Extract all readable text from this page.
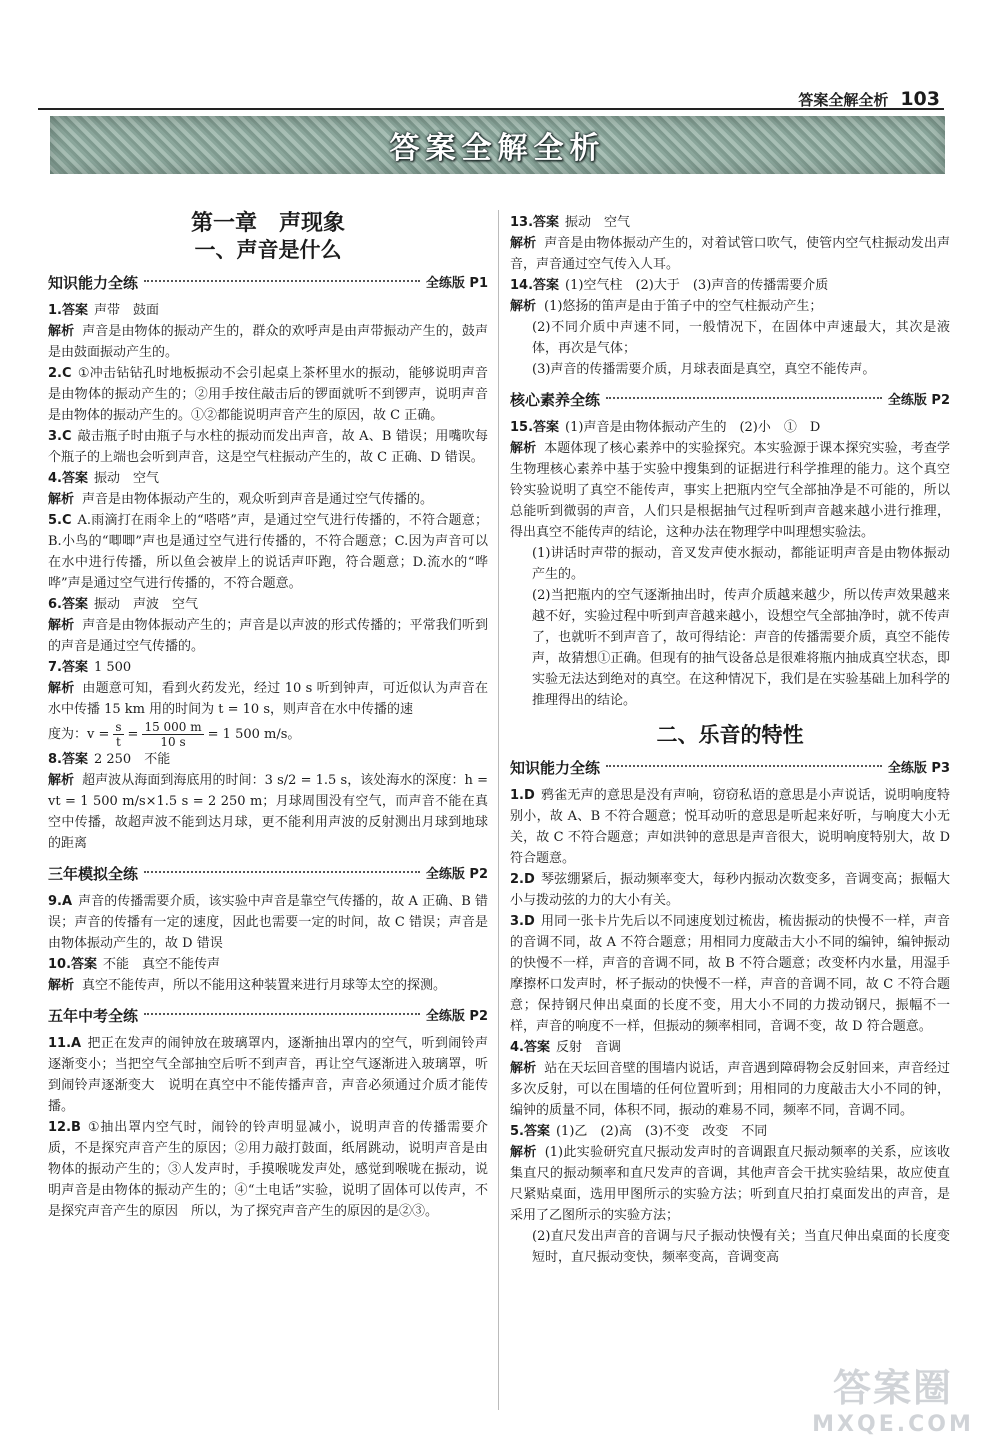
答案全解全析 103
答案全解全析
第一章　声现象
一、声音是什么
知识能力全练	全练版 P1

1.答案 声带　鼓面

解析 声音是由物体的振动产生的，群众的欢呼声是由声带振动产生的，鼓声是由鼓面振动产生的。

2.C ①冲击钻钻孔时地板振动不会引起桌上茶杯里水的振动，能够说明声音是由物体的振动产生的；②用手按住敲击后的锣面就听不到锣声，说明声音是由物体的振动产生的。①②都能说明声音产生的原因，故 C 正确。

3.C 敲击瓶子时由瓶子与水柱的振动而发出声音，故 A、B 错误；用嘴吹每个瓶子的上端也会听到声音，这是空气柱振动产生的，故 C 正确、D 错误。

4.答案 振动　空气

解析 声音是由物体振动产生的，观众听到声音是通过空气传播的。

5.C A.雨滴打在雨伞上的“嗒嗒”声，是通过空气进行传播的，不符合题意；B.小鸟的“唧唧”声也是通过空气进行传播的，不符合题意；C.因为声音可以在水中进行传播，所以鱼会被岸上的说话声吓跑，符合题意；D.流水的“哗哗”声是通过空气进行传播的，不符合题意。

6.答案 振动　声波　空气

解析 声音是由物体振动产生的；声音是以声波的形式传播的；平常我们听到的声音是通过空气传播的。

7.答案 1 500

解析 由题意可知，看到火药发光，经过 10 s 听到钟声，可近似认为声音在水中传播 15 km 用的时间为 t = 10 s，则声音在水中传播的速

度为：$v = \frac{s}{t} = \frac{15 000 m}{10 s} = 1$ 500 m/s。

8.答案 2 250　不能

解析 超声波从海面到海底用的时间：3 s/2 = 1.5 s，该处海水的深度：h = vt = 1 500 m/s×1.5 s = 2 250 m；月球周围没有空气，而声音不能在真空中传播，故超声波不能到达月球，更不能利用声波的反射测出月球到地球的距离

三年模拟全练	全练版 P2

9.A 声音的传播需要介质，该实验中声音是靠空气传播的，故 A 正确、B 错误；声音的传播有一定的速度，因此也需要一定的时间，故 C 错误；声音是由物体振动产生的，故 D 错误

10.答案 不能　真空不能传声

解析 真空不能传声，所以不能用这种装置来进行月球等太空的探测。

五年中考全练	全练版 P2

11.A 把正在发声的闹钟放在玻璃罩内，逐渐抽出罩内的空气，听到闹铃声逐渐变小；当把空气全部抽空后听不到声音，再让空气逐渐进入玻璃罩，听到闹铃声逐渐变大　说明在真空中不能传播声音，声音必须通过介质才能传播。

12.B ①抽出罩内空气时，闹铃的铃声明显减小，说明声音的传播需要介质，不是探究声音产生的原因；②用力敲打鼓面，纸屑跳动，说明声音是由物体的振动产生的；③人发声时，手摸喉咙发声处，感觉到喉咙在振动，说明声音是由物体的振动产生的；④“土电话”实验，说明了固体可以传声，不是探究声音产生的原因　所以，为了探究声音产生的原因的是②③。

13.答案 振动　空气

解析 声音是由物体振动产生的，对着试管口吹气，使管内空气柱振动发出声音，声音通过空气传入人耳。

14.答案 (1)空气柱　(2)大于　(3)声音的传播需要介质

解析 (1)悠扬的笛声是由于笛子中的空气柱振动产生；

(2)不同介质中声速不同，一般情况下，在固体中声速最大，其次是液体，再次是气体；

(3)声音的传播需要介质，月球表面是真空，真空不能传声。

核心素养全练	全练版 P2

15.答案 (1)声音是由物体振动产生的　(2)小　①　D

解析 本题体现了核心素养中的实验探究。本实验源于课本探究实验，考查学生物理核心素养中基于实验中搜集到的证据进行科学推理的能力。这个真空铃实验说明了真空不能传声，事实上把瓶内空气全部抽净是不可能的，所以总能听到微弱的声音，人们只是根据抽气过程听到声音越来越小进行推理，得出真空不能传声的结论，这种办法在物理学中叫理想实验法。

(1)讲话时声带的振动，音叉发声使水振动，都能证明声音是由物体振动产生的。

(2)当把瓶内的空气逐渐抽出时，传声介质越来越少，所以传声效果越来越不好，实验过程中听到声音越来越小，设想空气全部抽净时，就不传声了，也就听不到声音了，故可得结论：声音的传播需要介质，真空不能传声，故猜想①正确。但现有的抽气设备总是很难将瓶内抽成真空状态，即实验无法达到绝对的真空。在这种情况下，我们是在实验基础上加科学的推理得出的结论。

二、乐音的特性
知识能力全练	全练版 P3

1.D 鸦雀无声的意思是没有声响，窃窃私语的意思是小声说话，说明响度特别小，故 A、B 不符合题意；悦耳动听的意思是听起来好听，与响度大小无关，故 C 不符合题意；声如洪钟的意思是声音很大，说明响度特别大，故 D 符合题意。

2.D 琴弦绷紧后，振动频率变大，每秒内振动次数变多，音调变高；振幅大小与拨动弦的力的大小有关。

3.D 用同一张卡片先后以不同速度划过梳齿，梳齿振动的快慢不一样，声音的音调不同，故 A 不符合题意；用相同力度敲击大小不同的编钟，编钟振动的快慢不一样，声音的音调不同，故 B 不符合题意；改变杯内水量，用湿手摩擦杯口发声时，杯子振动的快慢不一样，声音的音调不同，故 C 不符合题意；保持钢尺伸出桌面的长度不变，用大小不同的力拨动钢尺，振幅不一样，声音的响度不一样，但振动的频率相同，音调不变，故 D 符合题意。

4.答案 反射　音调

解析 站在天坛回音壁的围墙内说话，声音遇到障碍物会反射回来，声音经过多次反射，可以在围墙的任何位置听到；用相同的力度敲击大小不同的钟，编钟的质量不同，体积不同，振动的难易不同，频率不同，音调不同。

5.答案 (1)乙　(2)高　(3)不变　改变　不同

解析 (1)此实验研究直尺振动发声时的音调跟直尺振动频率的关系，应该收集直尺的振动频率和直尺发声的音调，其他声音会干扰实验结果，故应使直尺紧贴桌面，选用甲图所示的实验方法；听到直尺拍打桌面发出的声音，是采用了乙图所示的实验方法；

(2)直尺发出声音的音调与尺子振动快慢有关；当直尺伸出桌面的长度变短时，直尺振动变快，频率变高，音调变高

答案圈
MXQE.COM
